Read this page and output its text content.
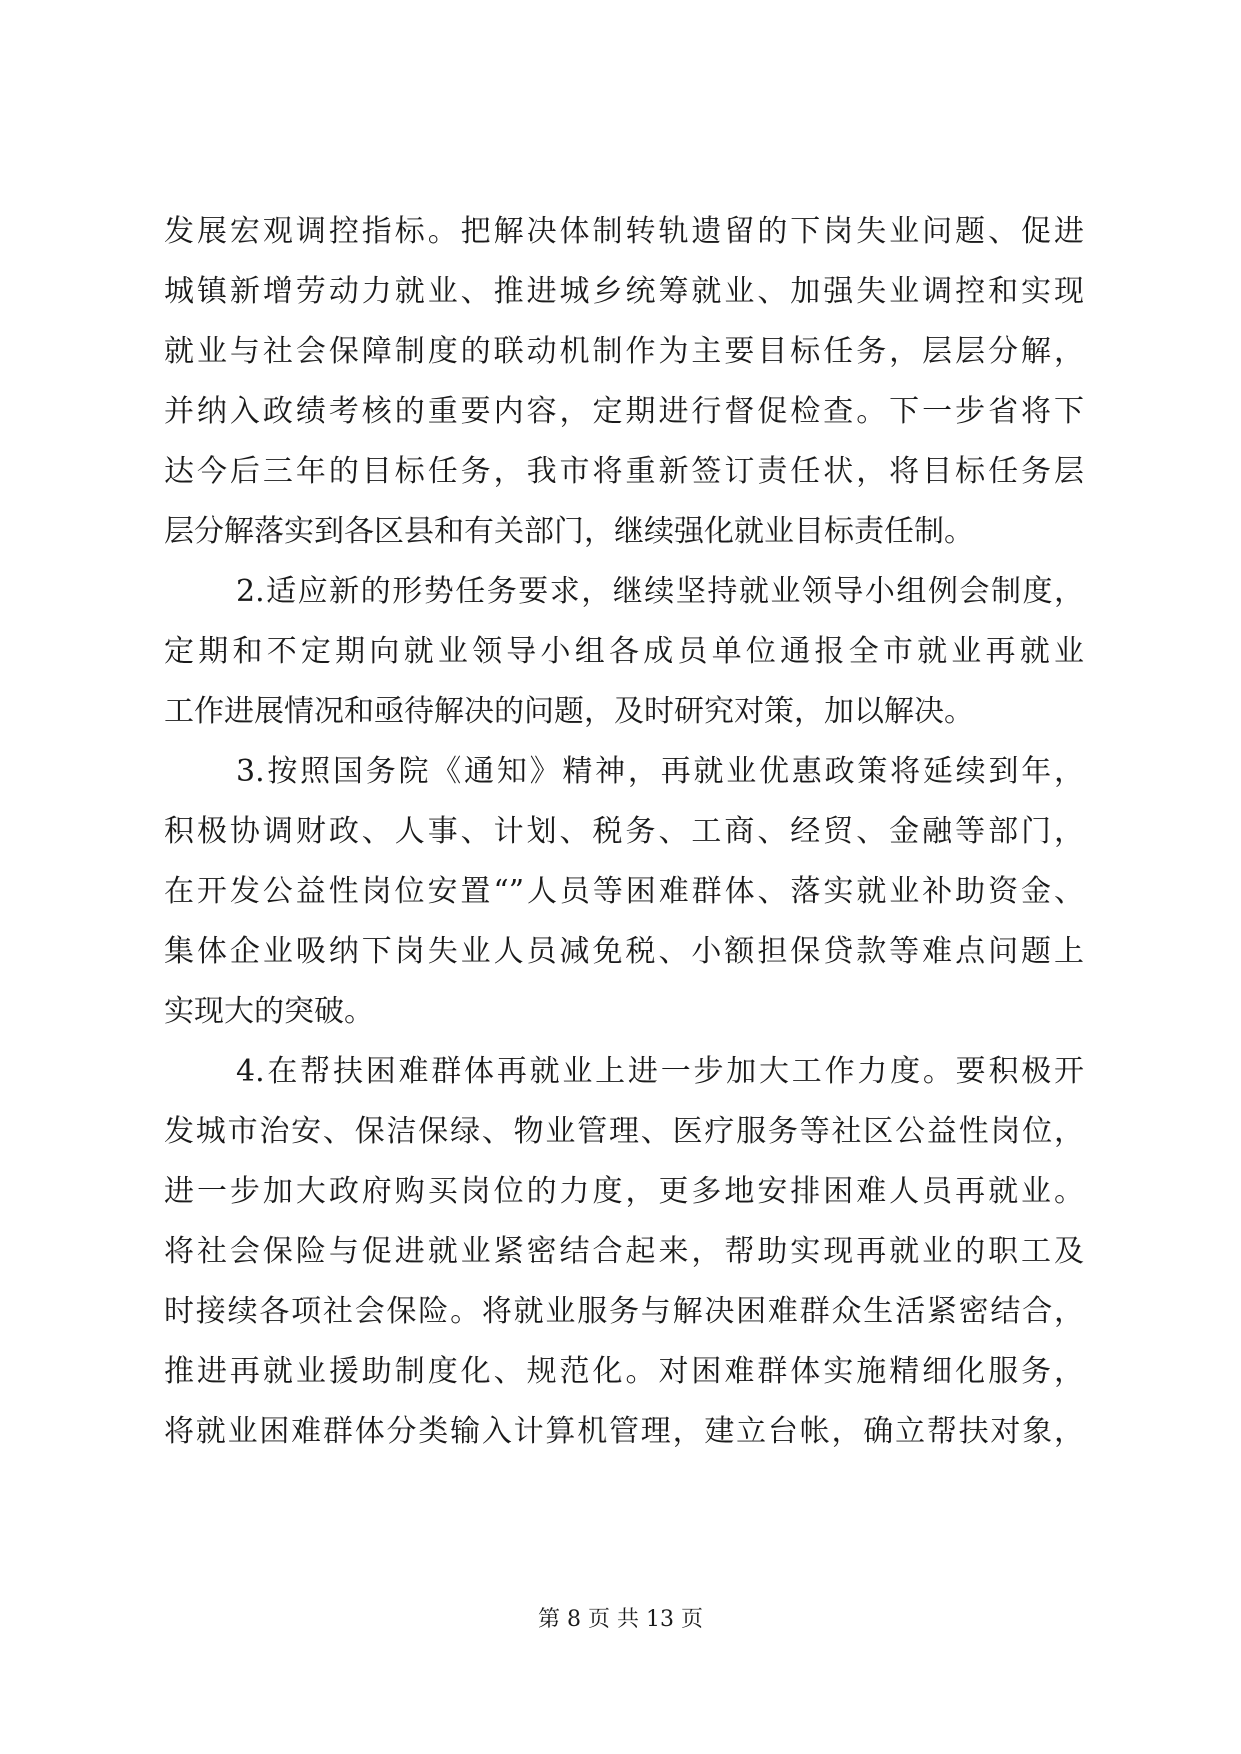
发展宏观调控指标。把解决体制转轨遗留的下岗失业问题、促进
城镇新增劳动力就业、推进城乡统筹就业、加强失业调控和实现
就业与社会保障制度的联动机制作为主要目标任务，层层分解，
并纳入政绩考核的重要内容，定期进行督促检查。下一步省将下
达今后三年的目标任务，我市将重新签订责任状，将目标任务层
层分解落实到各区县和有关部门，继续强化就业目标责任制。
2.适应新的形势任务要求，继续坚持就业领导小组例会制度，
定期和不定期向就业领导小组各成员单位通报全市就业再就业
工作进展情况和亟待解决的问题，及时研究对策，加以解决。
3.按照国务院《通知》精神，再就业优惠政策将延续到年，
积极协调财政、人事、计划、税务、工商、经贸、金融等部门，
在开发公益性岗位安置“”人员等困难群体、落实就业补助资金、
集体企业吸纳下岗失业人员减免税、小额担保贷款等难点问题上
实现大的突破。
4.在帮扶困难群体再就业上进一步加大工作力度。要积极开
发城市治安、保洁保绿、物业管理、医疗服务等社区公益性岗位，
进一步加大政府购买岗位的力度，更多地安排困难人员再就业。
将社会保险与促进就业紧密结合起来，帮助实现再就业的职工及
时接续各项社会保险。将就业服务与解决困难群众生活紧密结合，
推进再就业援助制度化、规范化。对困难群体实施精细化服务，
将就业困难群体分类输入计算机管理，建立台帐，确立帮扶对象，
第 8 页 共 13 页
